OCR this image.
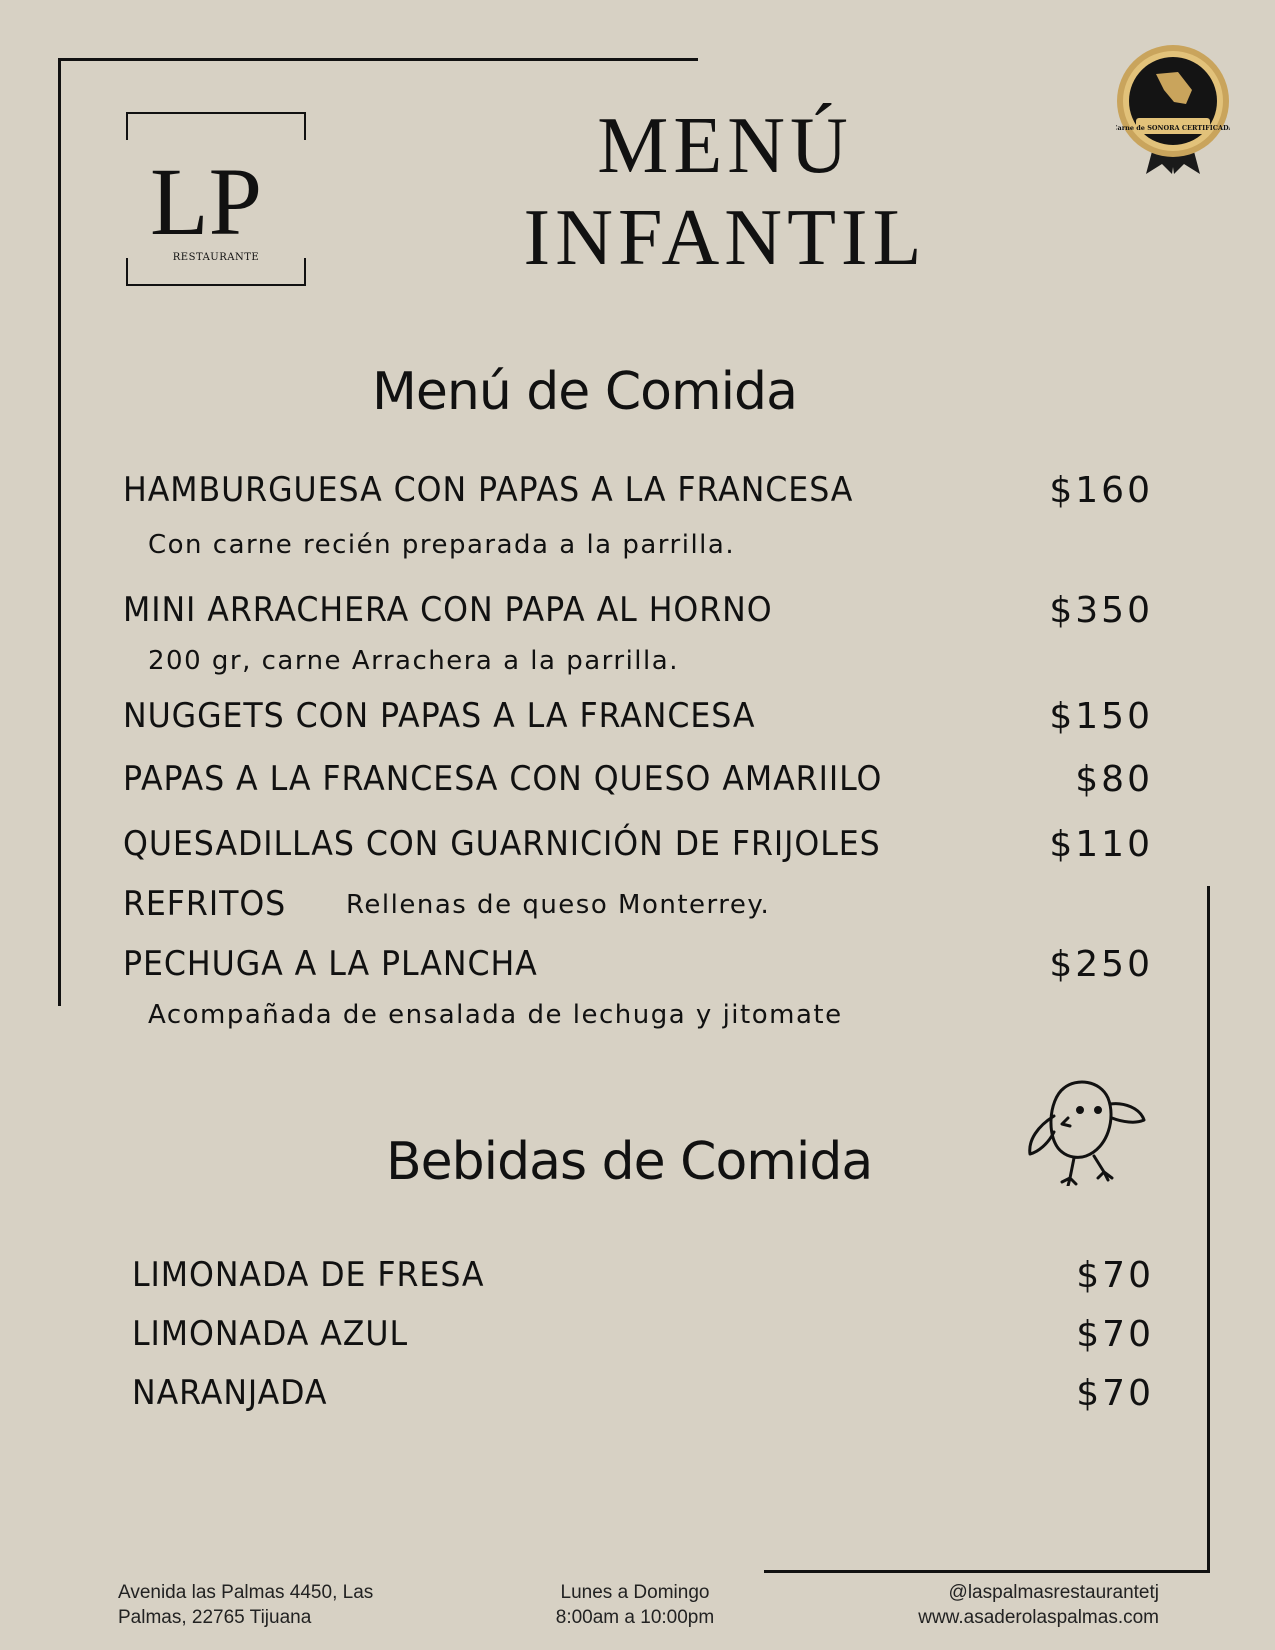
LP
RESTAURANTE
MENÚ
INFANTIL
Carne de SONORA CERTIFICADA
Menú de Comida
HAMBURGUESA CON PAPAS A LA FRANCESA	$160
Con carne recién preparada a la parrilla.
MINI ARRACHERA CON PAPA AL HORNO	$350
200 gr, carne Arrachera a la parrilla.
NUGGETS CON PAPAS A LA FRANCESA	$150
PAPAS A LA FRANCESA CON QUESO AMARIILO	$80
QUESADILLAS CON GUARNICIÓN DE FRIJOLES	$110
REFRITOS	Rellenas de queso Monterrey.
PECHUGA A LA PLANCHA	$250
Acompañada de ensalada de lechuga y jitomate
Bebidas de Comida
LIMONADA DE FRESA	$70
LIMONADA AZUL	$70
NARANJADA	$70
Avenida las Palmas 4450, Las
Palmas, 22765 Tijuana
Lunes a Domingo
8:00am a 10:00pm
@laspalmasrestaurantetj
www.asaderolaspalmas.com
